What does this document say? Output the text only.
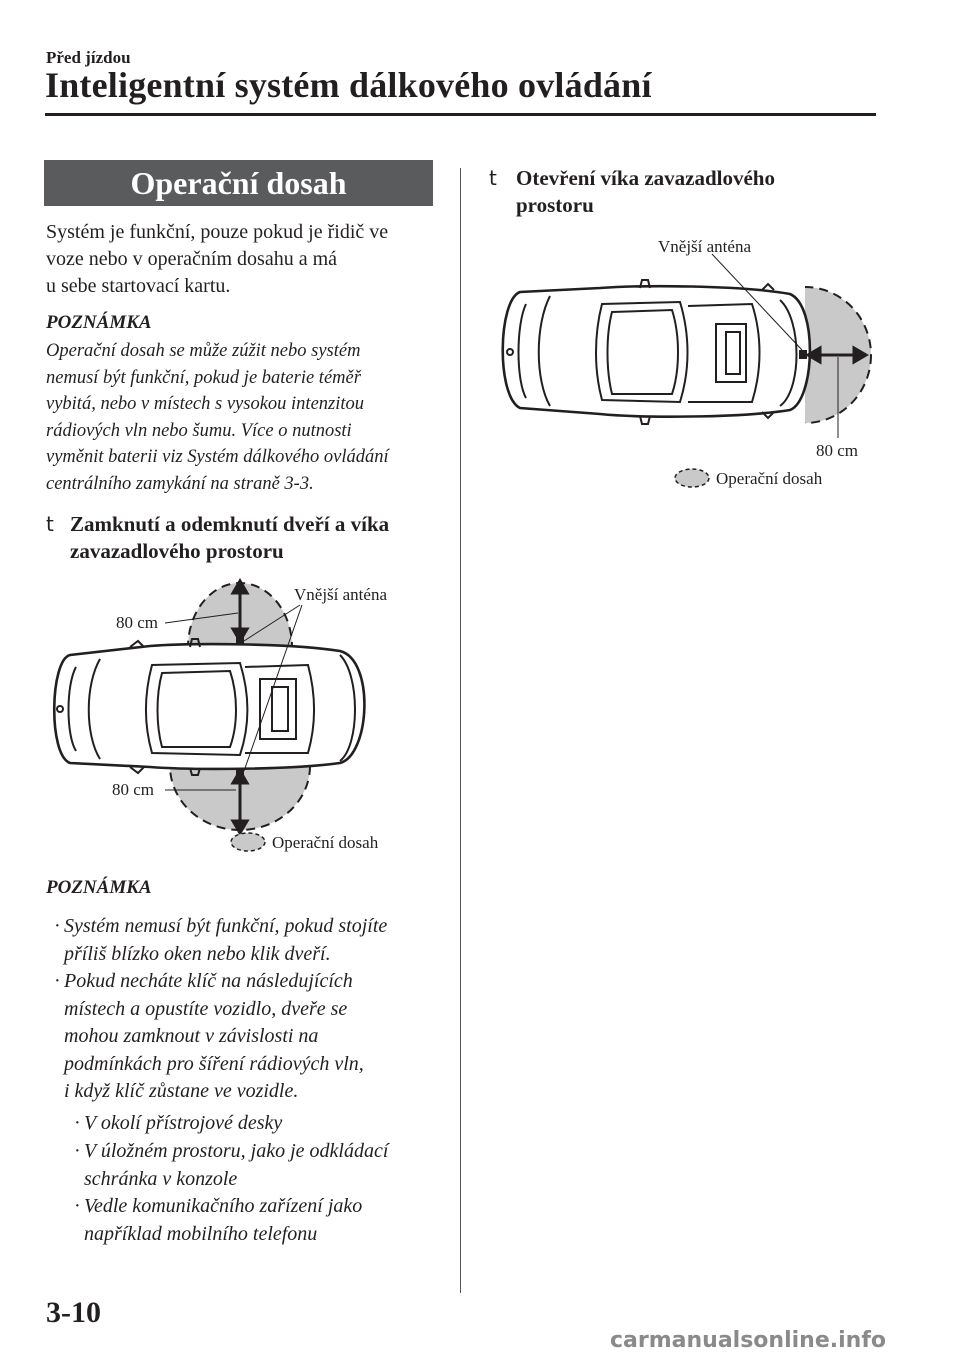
Před jízdou
Inteligentní systém dálkového ovládání
Operační dosah
Systém je funkční, pouze pokud je řidič ve
voze nebo v operačním dosahu a má
u sebe startovací kartu.
POZNÁMKA
Operační dosah se může zúžit nebo systém
nemusí být funkční, pokud je baterie téměř
vybitá, nebo v místech s vysokou intenzitou
rádiových vln nebo šumu. Více o nutnosti
vyměnit baterii viz Systém dálkového ovládání
centrálního zamykání na straně 3-3.
t Zamknutí a odemknutí dveří a víka
zavazadlového prostoru
Vnější anténa
80 cm
80 cm
Operační dosah
POZNÁMKA
· Systém nemusí být funkční, pokud stojíte
příliš blízko oken nebo klik dveří.
· Pokud necháte klíč na následujících
místech a opustíte vozidlo, dveře se
mohou zamknout v závislosti na
podmínkách pro šíření rádiových vln,
i když klíč zůstane ve vozidle.
· V okolí přístrojové desky
· V úložném prostoru, jako je odkládací
schránka v konzole
· Vedle komunikačního zařízení jako
například mobilního telefonu
t Otevření víka zavazadlového
prostoru
Vnější anténa
80 cm
Operační dosah
3-10
carmanualsonline.info
